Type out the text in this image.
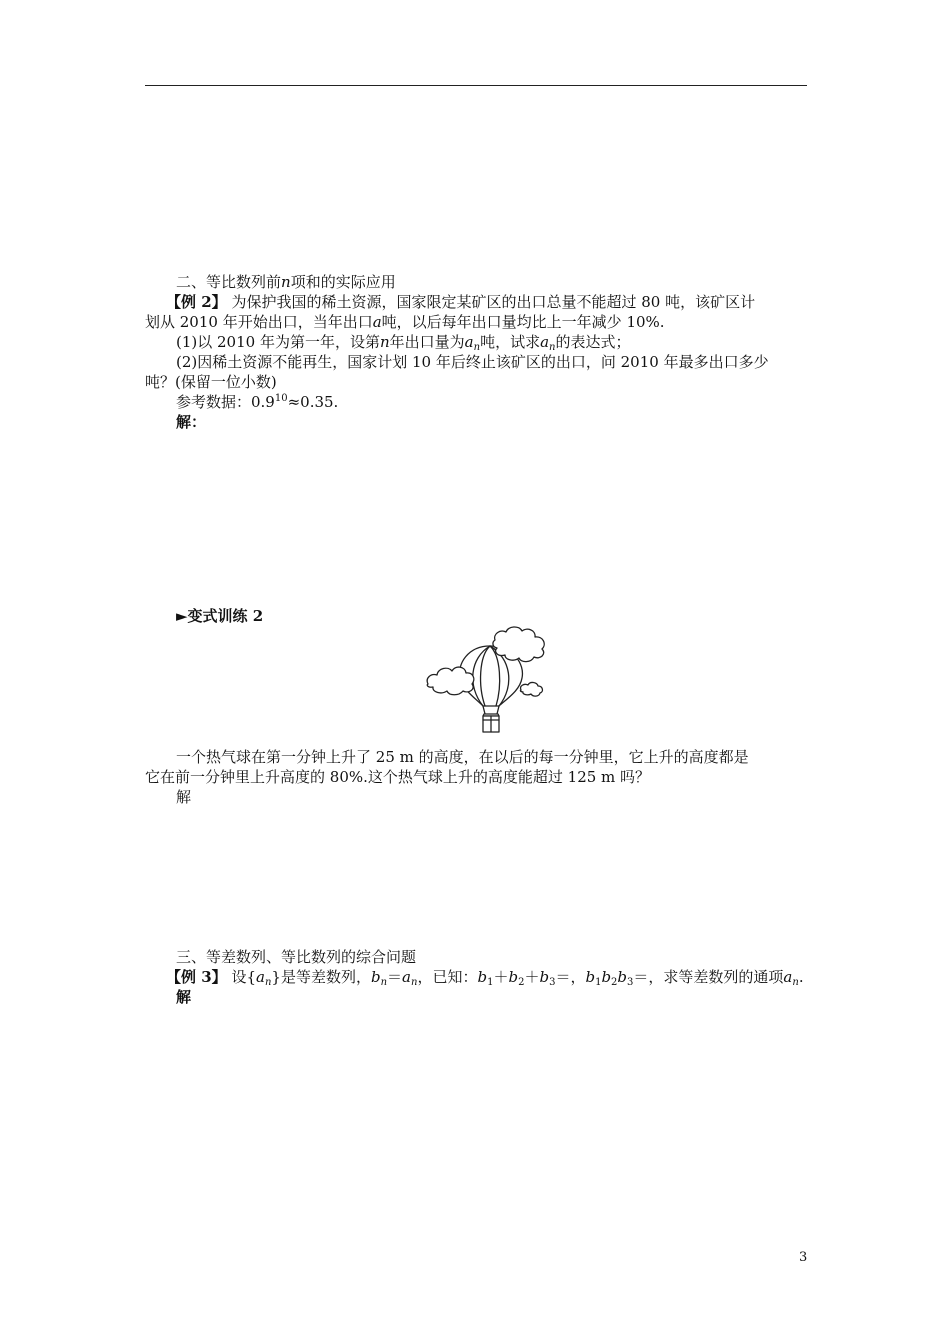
二、等比数列前n项和的实际应用
【例 2】 为保护我国的稀土资源，国家限定某矿区的出口总量不能超过 80 吨，该矿区计
划从 2010 年开始出口，当年出口a吨，以后每年出口量均比上一年减少 10%.
(1)以 2010 年为第一年，设第n年出口量为$a_n$吨，试求$a_n$的表达式；
(2)因稀土资源不能再生，国家计划 10 年后终止该矿区的出口，问 2010 年最多出口多少
吨？(保留一位小数)
参考数据：$0.9^{10}\approx 0.35$.
解：
►变式训练 2
一个热气球在第一分钟上升了 25 m 的高度，在以后的每一分钟里，它上升的高度都是
它在前一分钟里上升高度的 80%.这个热气球上升的高度能超过 125 m 吗？
解
三、等差数列、等比数列的综合问题
【例 3】 设$\{a_n\}$是等差数列，$b_n=a_n$，已知：$b_1+b_2+b_3=$，$b_1b_2b_3=$，求等差数列的通项$a_n$.
解
3
